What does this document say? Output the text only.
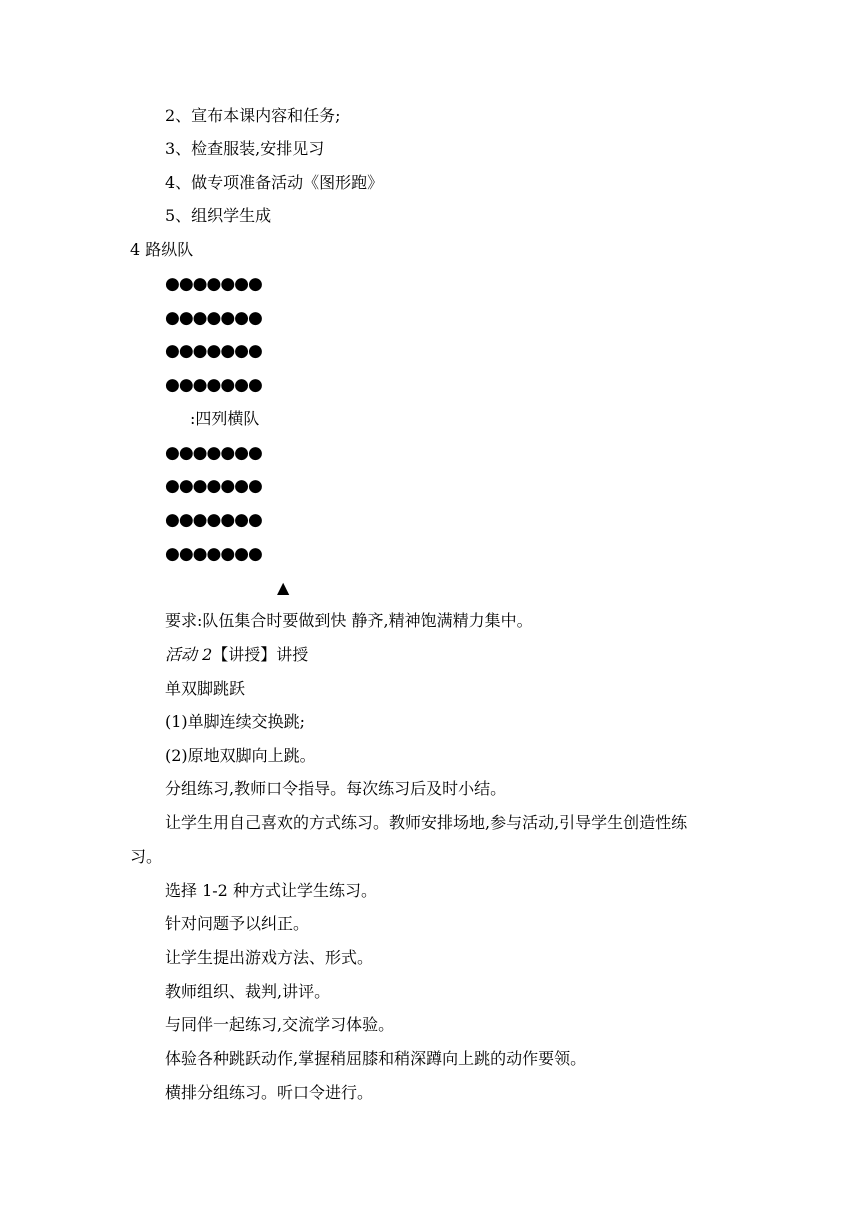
2、宣布本课内容和任务;
3、检查服装,安排见习
4、做专项准备活动《图形跑》
5、组织学生成
4 路纵队
●●●●●●●
●●●●●●●
●●●●●●●
●●●●●●●
:四列横队
●●●●●●●
●●●●●●●
●●●●●●●
●●●●●●●
▲
要求:队伍集合时要做到快 静齐,精神饱满精力集中。
活动 2【讲授】讲授
单双脚跳跃
(1)单脚连续交换跳;
(2)原地双脚向上跳。
分组练习,教师口令指导。每次练习后及时小结。
让学生用自己喜欢的方式练习。教师安排场地,参与活动,引导学生创造性练
习。
选择 1-2 种方式让学生练习。
针对问题予以纠正。
让学生提出游戏方法、形式。
教师组织、裁判,讲评。
与同伴一起练习,交流学习体验。
体验各种跳跃动作,掌握稍屈膝和稍深蹲向上跳的动作要领。
横排分组练习。听口令进行。
